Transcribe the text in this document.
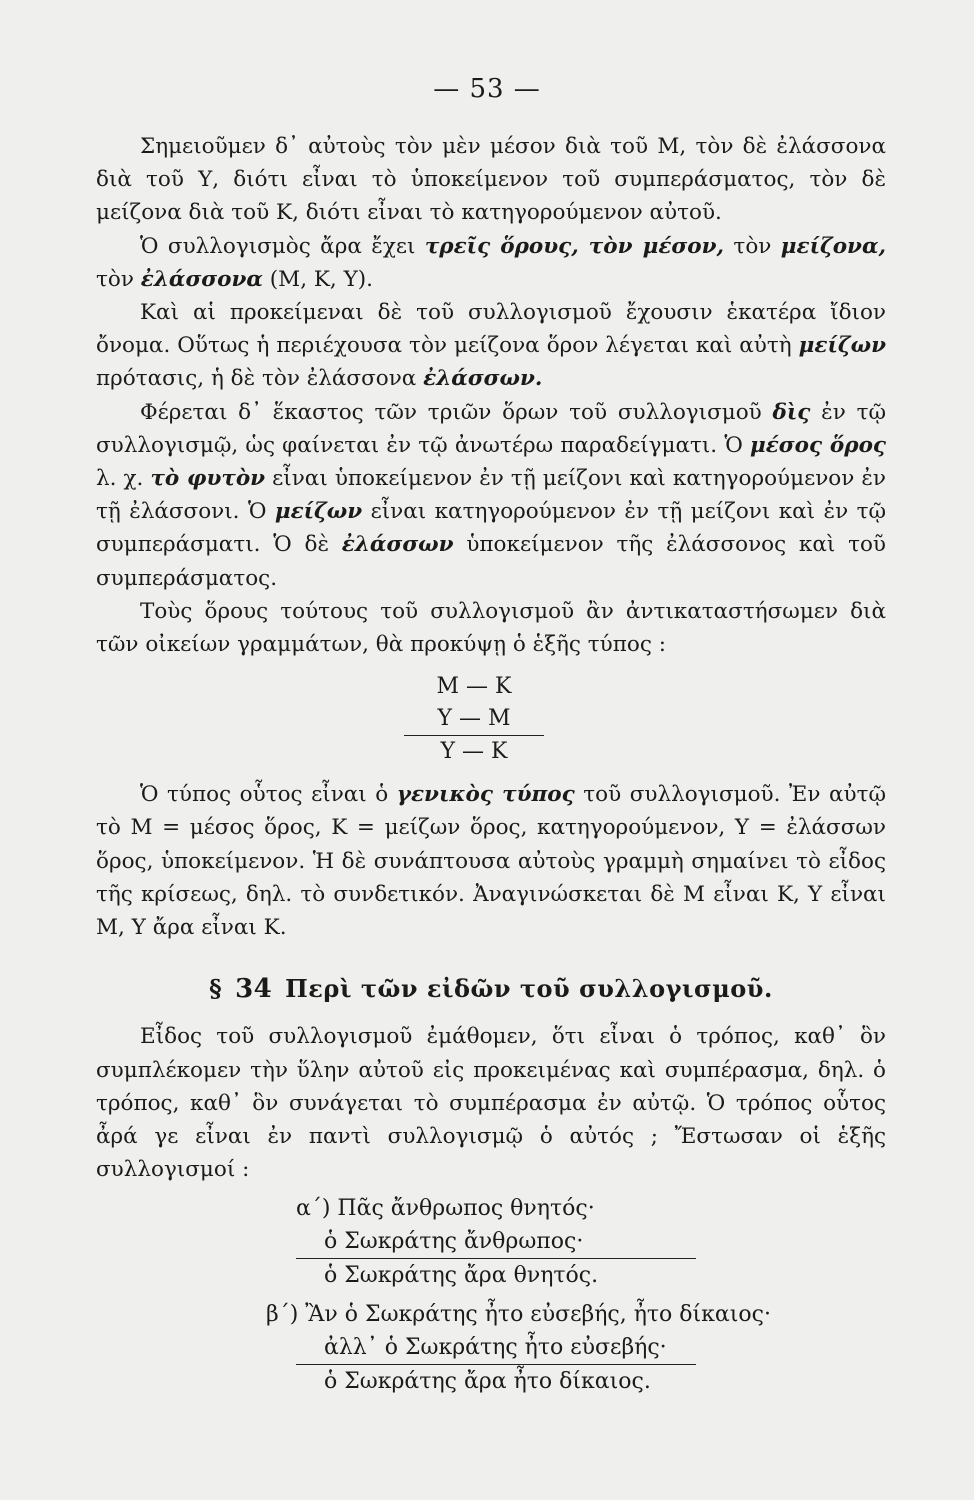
— 53 —

Σημειοῦμεν δ᾽ αὐτοὺς τὸν μὲν μέσον διὰ τοῦ Μ, τὸν δὲ ἐλάσσονα διὰ τοῦ Υ, διότι εἶναι τὸ ὑποκείμενον τοῦ συμπεράσματος, τὸν δὲ μείζονα διὰ τοῦ Κ, διότι εἶναι τὸ κατηγορούμενον αὐτοῦ.

Ὁ συλλογισμὸς ἄρα ἔχει τρεῖς ὅρους, τὸν μέσον, τὸν μείζονα, τὸν ἐλάσσονα (Μ, Κ, Υ).

Καὶ αἱ προκείμεναι δὲ τοῦ συλλογισμοῦ ἔχουσιν ἑκατέρα ἴδιον ὄνομα. Οὕτως ἡ περιέχουσα τὸν μείζονα ὅρον λέγεται καὶ αὐτὴ μείζων πρότασις, ἡ δὲ τὸν ἐλάσσονα ἐλάσσων.

Φέρεται δ᾽ ἕκαστος τῶν τριῶν ὅρων τοῦ συλλογισμοῦ δὶς ἐν τῷ συλλογισμῷ, ὡς φαίνεται ἐν τῷ ἀνωτέρω παραδείγματι. Ὁ μέσος ὅρος λ. χ. τὸ φυτὸν εἶναι ὑποκείμενον ἐν τῇ μείζονι καὶ κατηγορούμενον ἐν τῇ ἐλάσσονι. Ὁ μείζων εἶναι κατηγορούμενον ἐν τῇ μείζονι καὶ ἐν τῷ συμπεράσματι. Ὁ δὲ ἐλάσσων ὑποκείμενον τῆς ἐλάσσονος καὶ τοῦ συμπεράσματος.

Τοὺς ὅρους τούτους τοῦ συλλογισμοῦ ἂν ἀντικαταστήσωμεν διὰ τῶν οἰκείων γραμμάτων, θὰ προκύψῃ ὁ ἑξῆς τύπος :

Μ — Κ
Υ — Μ
Υ — Κ

Ὁ τύπος οὗτος εἶναι ὁ γενικὸς τύπος τοῦ συλλογισμοῦ. Ἐν αὐτῷ τὸ Μ = μέσος ὅρος, Κ = μείζων ὅρος, κατηγορούμενον, Υ = ἐλάσσων ὅρος, ὑποκείμενον. Ἡ δὲ συνάπτουσα αὐτοὺς γραμμὴ σημαίνει τὸ εἶδος τῆς κρίσεως, δηλ. τὸ συνδετικόν. Ἀναγινώσκεται δὲ Μ εἶναι Κ, Υ εἶναι Μ, Υ ἄρα εἶναι Κ.

§ 34 Περὶ τῶν εἰδῶν τοῦ συλλογισμοῦ.

Εἶδος τοῦ συλλογισμοῦ ἐμάθομεν, ὅτι εἶναι ὁ τρόπος, καθ᾽ ὃν συμπλέκομεν τὴν ὕλην αὐτοῦ εἰς προκειμένας καὶ συμπέρασμα, δηλ. ὁ τρόπος, καθ᾽ ὃν συνάγεται τὸ συμπέρασμα ἐν αὐτῷ. Ὁ τρόπος οὗτος ἆρά γε εἶναι ἐν παντὶ συλλογισμῷ ὁ αὐτός ; Ἔστωσαν οἱ ἑξῆς συλλογισμοί :

α΄) Πᾶς ἄνθρωπος θνητός·
ὁ Σωκράτης ἄνθρωπος·
ὁ Σωκράτης ἄρα θνητός.
β΄) Ἂν ὁ Σωκράτης ἦτο εὐσεβής, ἦτο δίκαιος·
ἀλλ᾽ ὁ Σωκράτης ἦτο εὐσεβής·
ὁ Σωκράτης ἄρα ἦτο δίκαιος.
